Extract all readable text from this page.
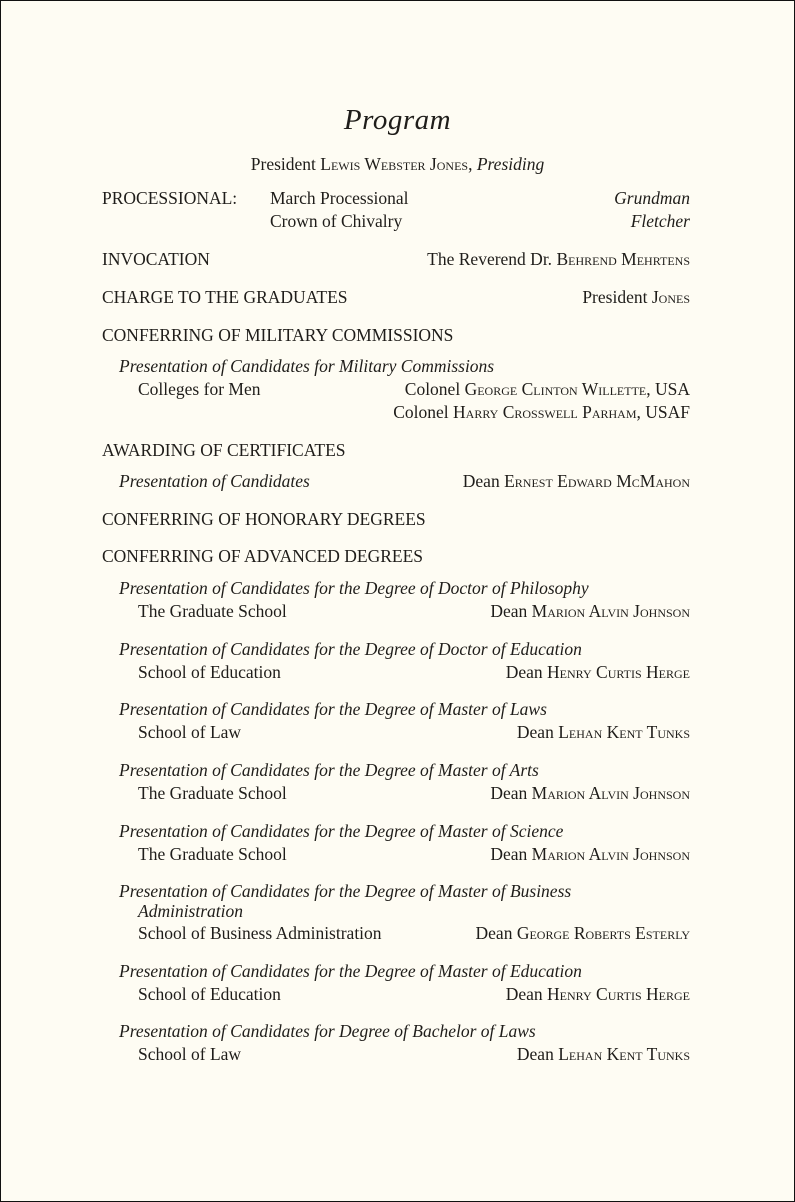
Program
President Lewis Webster Jones, Presiding
PROCESSIONAL: March Processional	Grundman
Crown of Chivalry	Fletcher
INVOCATION	The Reverend Dr. Behrend Mehrtens
CHARGE TO THE GRADUATES	President Jones
CONFERRING OF MILITARY COMMISSIONS
Presentation of Candidates for Military Commissions
Colleges for Men	Colonel George Clinton Willette, USA
Colonel Harry Crosswell Parham, USAF
AWARDING OF CERTIFICATES
Presentation of Candidates	Dean Ernest Edward McMahon
CONFERRING OF HONORARY DEGREES
CONFERRING OF ADVANCED DEGREES
Presentation of Candidates for the Degree of Doctor of Philosophy
The Graduate School	Dean Marion Alvin Johnson
Presentation of Candidates for the Degree of Doctor of Education
School of Education	Dean Henry Curtis Herge
Presentation of Candidates for the Degree of Master of Laws
School of Law	Dean Lehan Kent Tunks
Presentation of Candidates for the Degree of Master of Arts
The Graduate School	Dean Marion Alvin Johnson
Presentation of Candidates for the Degree of Master of Science
The Graduate School	Dean Marion Alvin Johnson
Presentation of Candidates for the Degree of Master of Business
Administration
School of Business Administration	Dean George Roberts Esterly
Presentation of Candidates for the Degree of Master of Education
School of Education	Dean Henry Curtis Herge
Presentation of Candidates for Degree of Bachelor of Laws
School of Law	Dean Lehan Kent Tunks
